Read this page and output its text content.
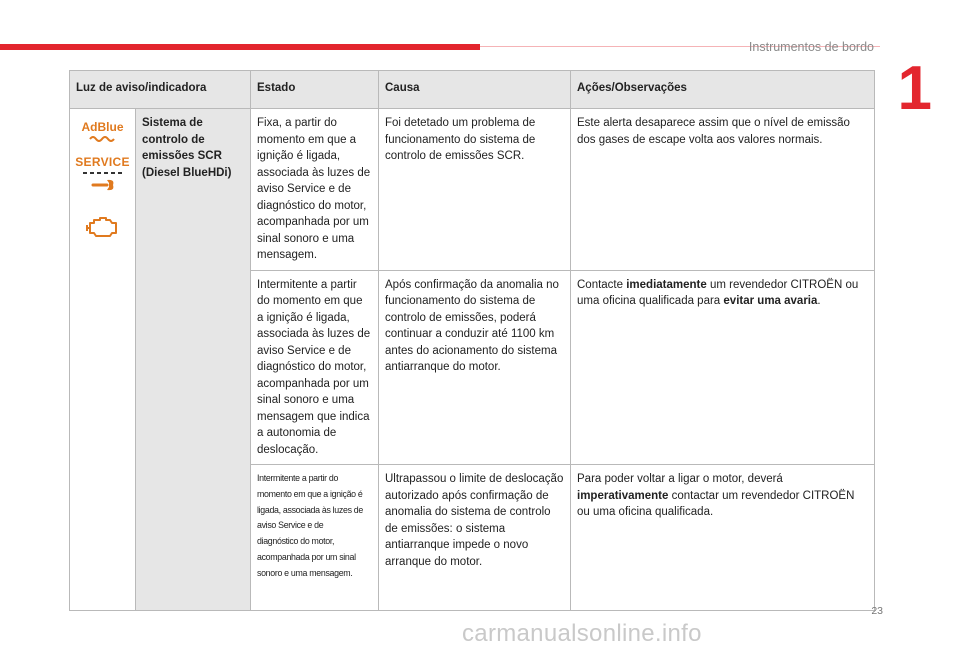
Instrumentos de bordo
1
Luz de aviso/indicadora		Estado	Causa	Ações/Observações

AdBlue
SERVICE	Sistema de controlo de emissões SCR (Diesel BlueHDi)	Fixa, a partir do momento em que a ignição é ligada, associada às luzes de aviso Service e de diagnóstico do motor, acompanhada por um sinal sonoro e uma mensagem.	Foi detetado um problema de funcionamento do sistema de controlo de emissões SCR.	Este alerta desaparece assim que o nível de emissão dos gases de escape volta aos valores normais.
		Intermitente a partir do momento em que a ignição é ligada, associada às luzes de aviso Service e de diagnóstico do motor, acompanhada por um sinal sonoro e uma mensagem que indica a autonomia de deslocação.	Após confirmação da anomalia no funcionamento do sistema de controlo de emissões, poderá continuar a conduzir até 1100 km antes do acionamento do sistema antiarranque do motor.	Contacte imediatamente um revendedor CITROËN ou uma oficina qualificada para evitar uma avaria.

		Intermitente a partir do momento em que a ignição é ligada, associada às luzes de aviso Service e de diagnóstico do motor, acompanhada por um sinal sonoro e uma mensagem.	Ultrapassou o limite de deslocação autorizado após confirmação de anomalia do sistema de controlo de emissões: o sistema antiarranque impede o novo arranque do motor.	Para poder voltar a ligar o motor, deverá imperativamente contactar um revendedor CITROËN ou uma oficina qualificada.
23
carmanualsonline.info
